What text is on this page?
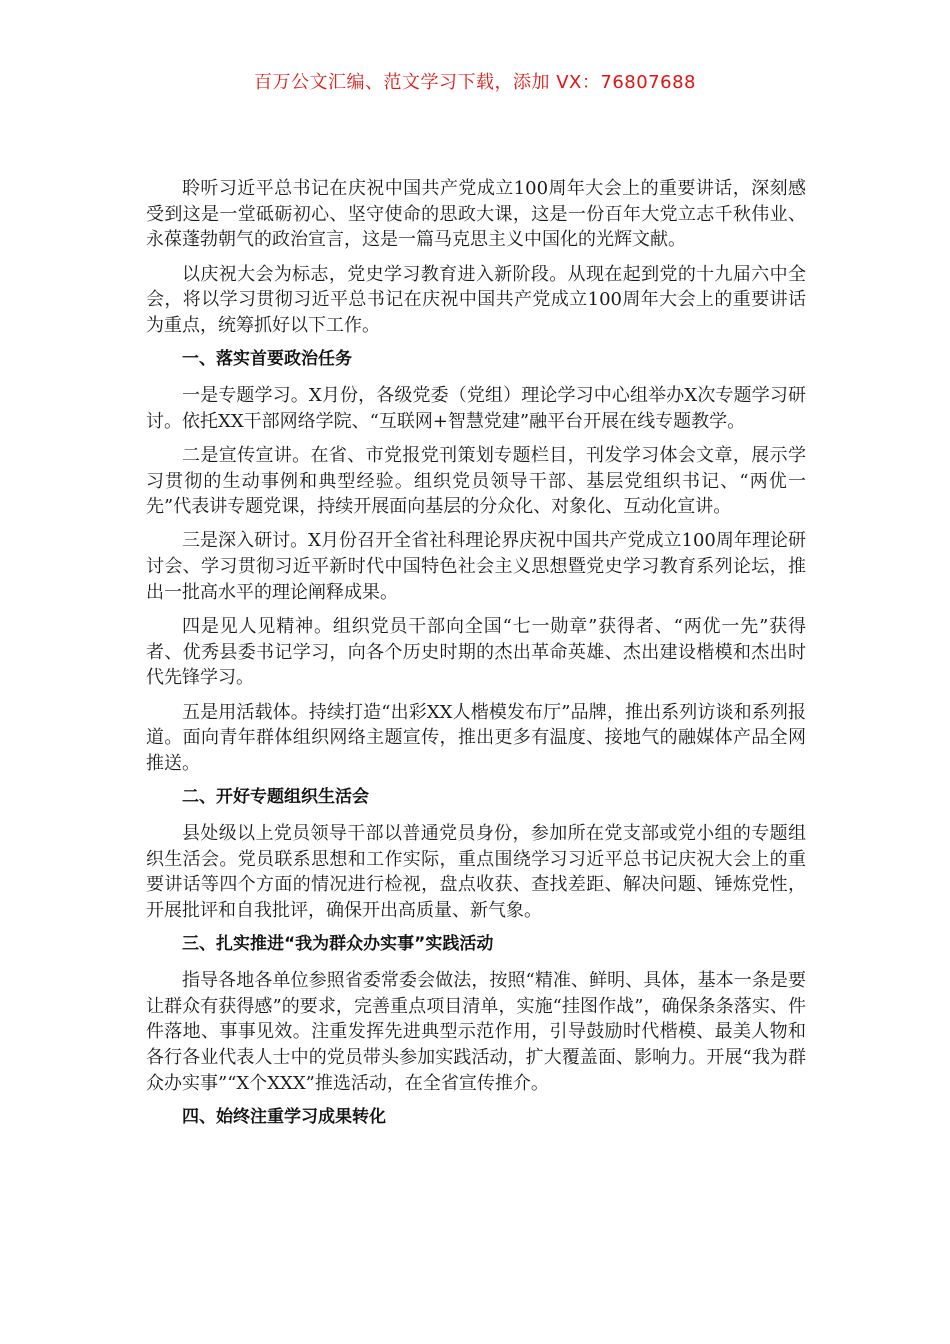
百万公文汇编、范文学习下载，添加 VX：76807688

聆听习近平总书记在庆祝中国共产党成立100周年大会上的重要讲话，深刻感受到这是一堂砥砺初心、坚守使命的思政大课，这是一份百年大党立志千秋伟业、永葆蓬勃朝气的政治宣言，这是一篇马克思主义中国化的光辉文献。

以庆祝大会为标志，党史学习教育进入新阶段。从现在起到党的十九届六中全会，将以学习贯彻习近平总书记在庆祝中国共产党成立100周年大会上的重要讲话为重点，统筹抓好以下工作。

一、落实首要政治任务

一是专题学习。X月份，各级党委（党组）理论学习中心组举办X次专题学习研讨。依托XX干部网络学院、“互联网+智慧党建”融平台开展在线专题教学。

二是宣传宣讲。在省、市党报党刊策划专题栏目，刊发学习体会文章，展示学习贯彻的生动事例和典型经验。组织党员领导干部、基层党组织书记、“两优一先”代表讲专题党课，持续开展面向基层的分众化、对象化、互动化宣讲。

三是深入研讨。X月份召开全省社科理论界庆祝中国共产党成立100周年理论研讨会、学习贯彻习近平新时代中国特色社会主义思想暨党史学习教育系列论坛，推出一批高水平的理论阐释成果。

四是见人见精神。组织党员干部向全国“七一勋章”获得者、“两优一先”获得者、优秀县委书记学习，向各个历史时期的杰出革命英雄、杰出建设楷模和杰出时代先锋学习。

五是用活载体。持续打造“出彩XX人楷模发布厅”品牌，推出系列访谈和系列报道。面向青年群体组织网络主题宣传，推出更多有温度、接地气的融媒体产品全网推送。

二、开好专题组织生活会

县处级以上党员领导干部以普通党员身份，参加所在党支部或党小组的专题组织生活会。党员联系思想和工作实际，重点围绕学习习近平总书记庆祝大会上的重要讲话等四个方面的情况进行检视，盘点收获、查找差距、解决问题、锤炼党性，开展批评和自我批评，确保开出高质量、新气象。

三、扎实推进“我为群众办实事”实践活动

指导各地各单位参照省委常委会做法，按照“精准、鲜明、具体，基本一条是要让群众有获得感”的要求，完善重点项目清单，实施“挂图作战”，确保条条落实、件件落地、事事见效。注重发挥先进典型示范作用，引导鼓励时代楷模、最美人物和各行各业代表人士中的党员带头参加实践活动，扩大覆盖面、影响力。开展“我为群众办实事”“X个XXX”推选活动，在全省宣传推介。

四、始终注重学习成果转化
